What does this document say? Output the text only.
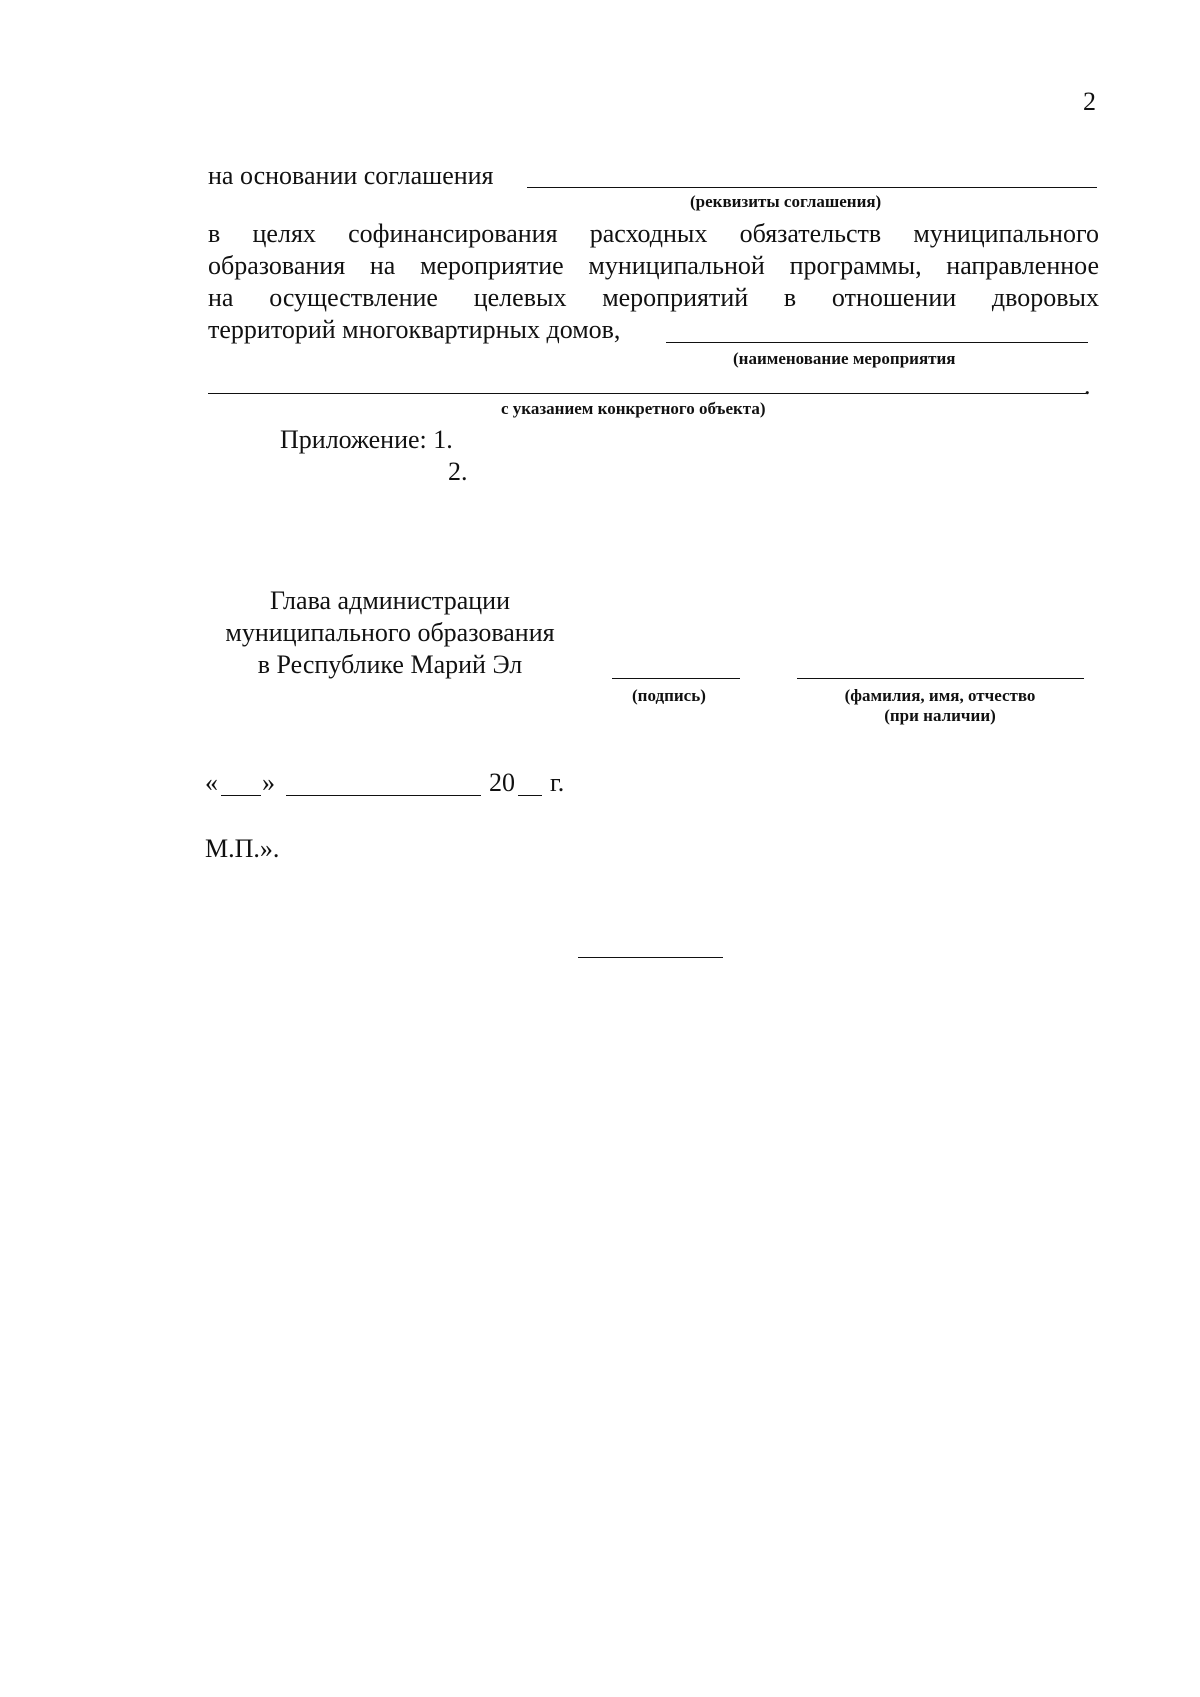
2
на основании соглашения
(реквизиты соглашения)
в целях софинансирования расходных обязательств муниципального
образования на мероприятие муниципальной программы, направленное
на осуществление целевых мероприятий в отношении дворовых
территорий многоквартирных домов,
(наименование мероприятия
.
с указанием конкретного объекта)
Приложение: 1.
2.
Глава администрации
муниципального образования
в Республике Марий Эл
(подпись)	(фамилия, имя, отчество
(при наличии)
« »	20 г.
М.П.».
